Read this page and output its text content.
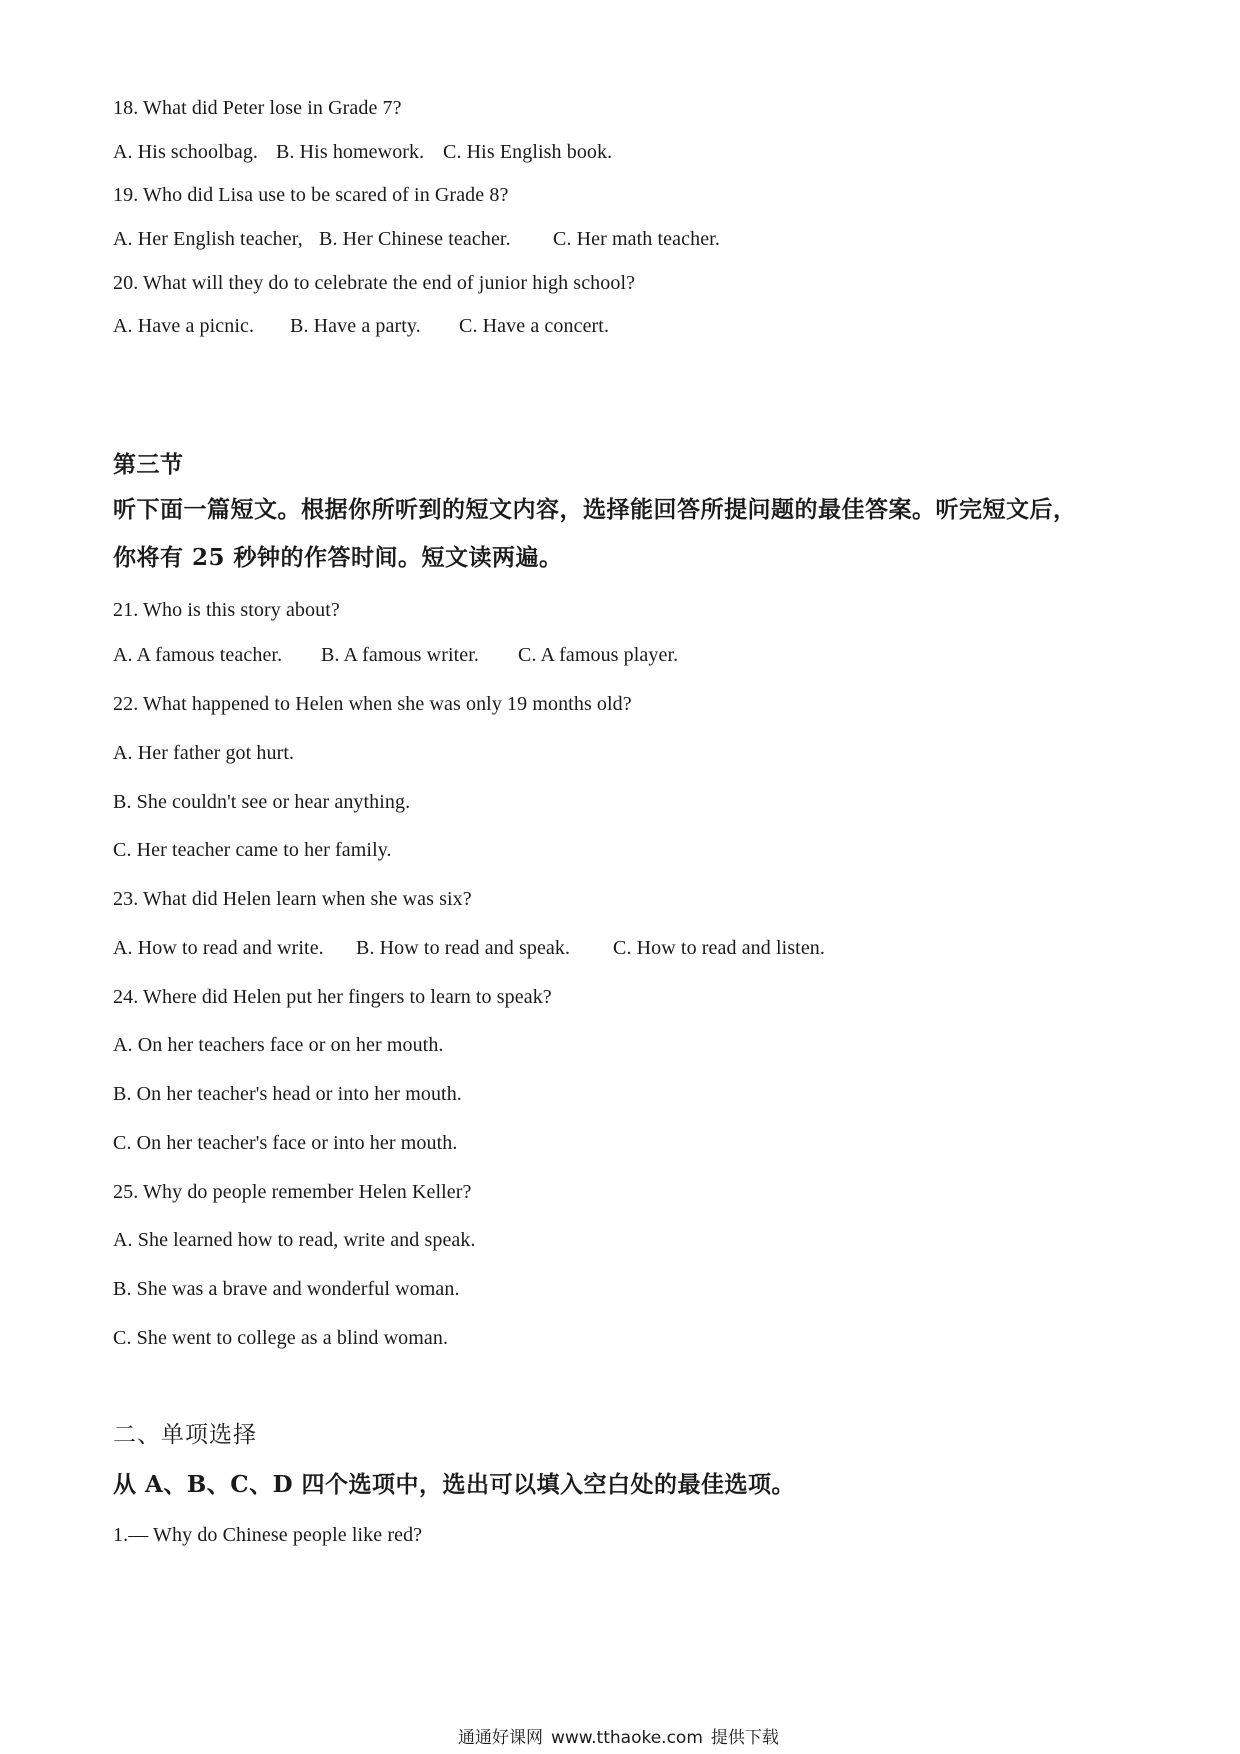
18. What did Peter lose in Grade 7?
A. His schoolbag. B. His homework. C. His English book.
19. Who did Lisa use to be scared of in Grade 8?
A. Her English teacher, B. Her Chinese teacher. C. Her math teacher.
20. What will they do to celebrate the end of junior high school?
A. Have a picnic. B. Have a party. C. Have a concert.
第三节
听下面一篇短文。根据你所听到的短文内容，选择能回答所提问题的最佳答案。听完短文后，
你将有 25 秒钟的作答时间。短文读两遍。
21. Who is this story about?
A. A famous teacher. B. A famous writer. C. A famous player.
22. What happened to Helen when she was only 19 months old?
A. Her father got hurt.
B. She couldn't see or hear anything.
C. Her teacher came to her family.
23. What did Helen learn when she was six?
A. How to read and write. B. How to read and speak. C. How to read and listen.
24. Where did Helen put her fingers to learn to speak?
A. On her teachers face or on her mouth.
B. On her teacher's head or into her mouth.
C. On her teacher's face or into her mouth.
25. Why do people remember Helen Keller?
A. She learned how to read, write and speak.
B. She was a brave and wonderful woman.
C. She went to college as a blind woman.
二、单项选择
从 A、B、C、D 四个选项中，选出可以填入空白处的最佳选项。
1.— Why do Chinese people like red?
通通好课网 www.tthaoke.com 提供下载
